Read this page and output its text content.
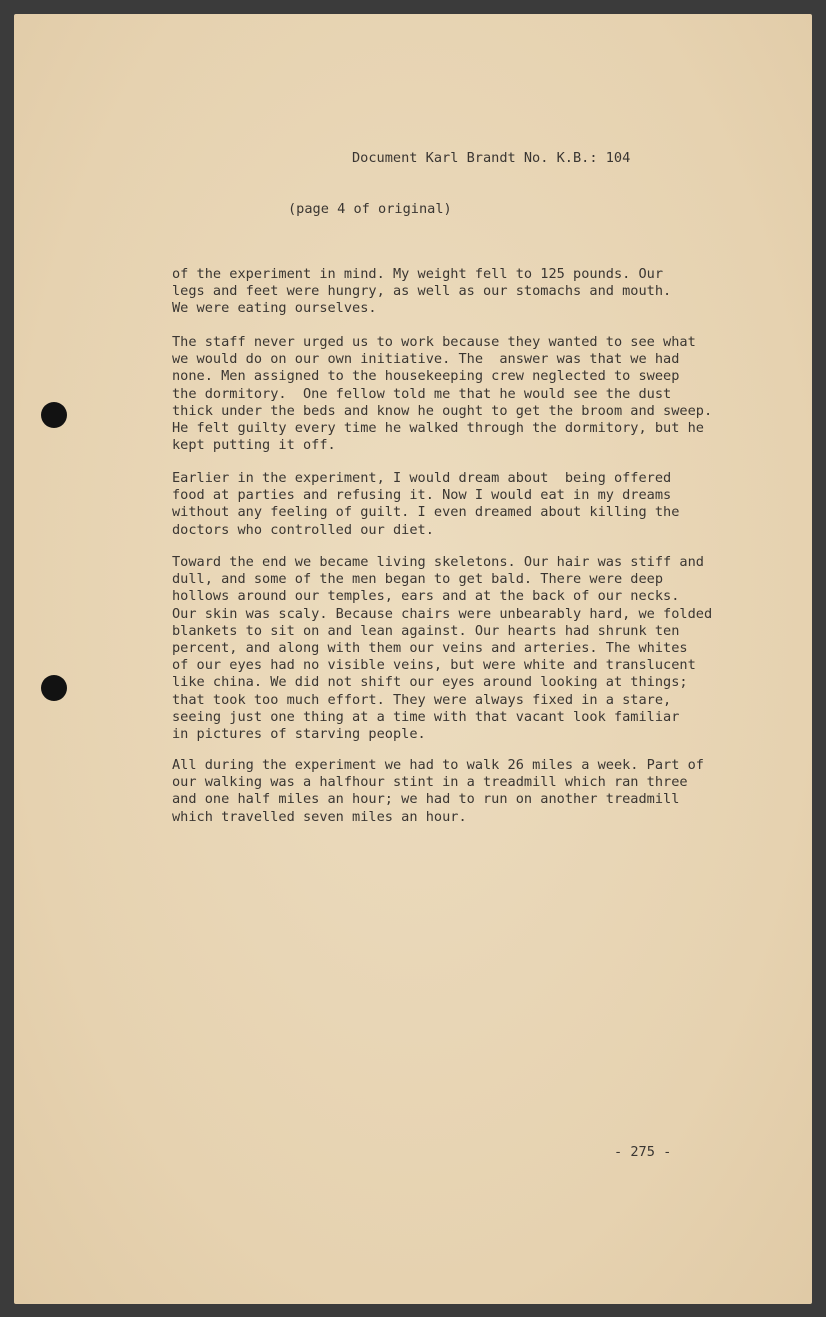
Document Karl Brandt No. K.B.: 104
(page 4 of original)
of the experiment in mind. My weight fell to 125 pounds. Our
legs and feet were hungry, as well as our stomachs and mouth.
We were eating ourselves.
The staff never urged us to work because they wanted to see what
we would do on our own initiative. The  answer was that we had
none. Men assigned to the housekeeping crew neglected to sweep
the dormitory.  One fellow told me that he would see the dust
thick under the beds and know he ought to get the broom and sweep.
He felt guilty every time he walked through the dormitory, but he
kept putting it off.
Earlier in the experiment, I would dream about  being offered
food at parties and refusing it. Now I would eat in my dreams
without any feeling of guilt. I even dreamed about killing the
doctors who controlled our diet.
Toward the end we became living skeletons. Our hair was stiff and
dull, and some of the men began to get bald. There were deep
hollows around our temples, ears and at the back of our necks.
Our skin was scaly. Because chairs were unbearably hard, we folded
blankets to sit on and lean against. Our hearts had shrunk ten
percent, and along with them our veins and arteries. The whites
of our eyes had no visible veins, but were white and translucent
like china. We did not shift our eyes around looking at things;
that took too much effort. They were always fixed in a stare,
seeing just one thing at a time with that vacant look familiar
in pictures of starving people.
All during the experiment we had to walk 26 miles a week. Part of
our walking was a halfhour stint in a treadmill which ran three
and one half miles an hour; we had to run on another treadmill
which travelled seven miles an hour.
- 275 -
